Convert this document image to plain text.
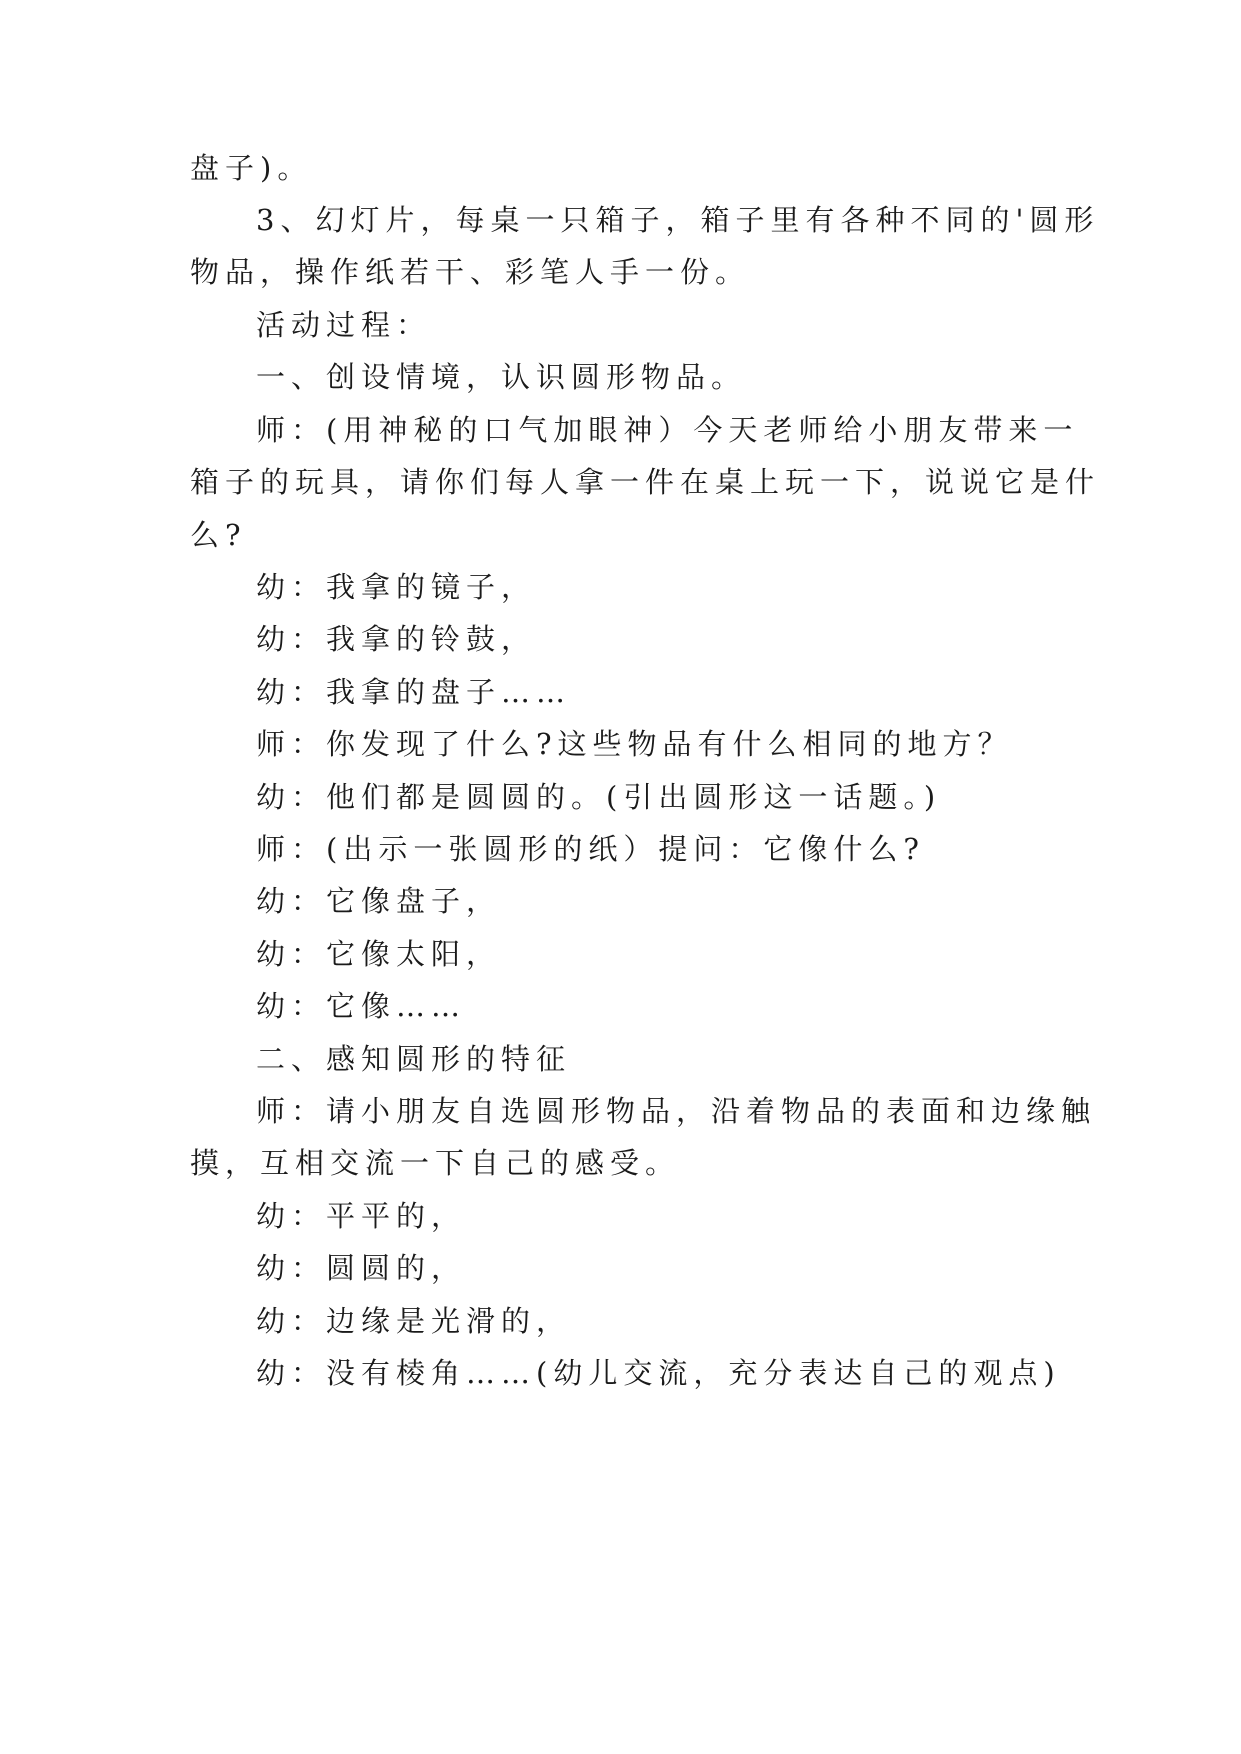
盘子)。
3、幻灯片，每桌一只箱子，箱子里有各种不同的'圆形
物品，操作纸若干、彩笔人手一份。
活动过程：
一、创设情境，认识圆形物品。
师：(用神秘的口气加眼神）今天老师给小朋友带来一
箱子的玩具，请你们每人拿一件在桌上玩一下，说说它是什
么?
幼：我拿的镜子，
幼：我拿的铃鼓，
幼：我拿的盘子……
师：你发现了什么?这些物品有什么相同的地方？
幼：他们都是圆圆的。(引出圆形这一话题。)
师：(出示一张圆形的纸）提问：它像什么?
幼：它像盘子，
幼：它像太阳，
幼：它像……
二、感知圆形的特征
师：请小朋友自选圆形物品，沿着物品的表面和边缘触
摸，互相交流一下自己的感受。
幼：平平的，
幼：圆圆的，
幼：边缘是光滑的，
幼：没有棱角……(幼儿交流，充分表达自己的观点)
